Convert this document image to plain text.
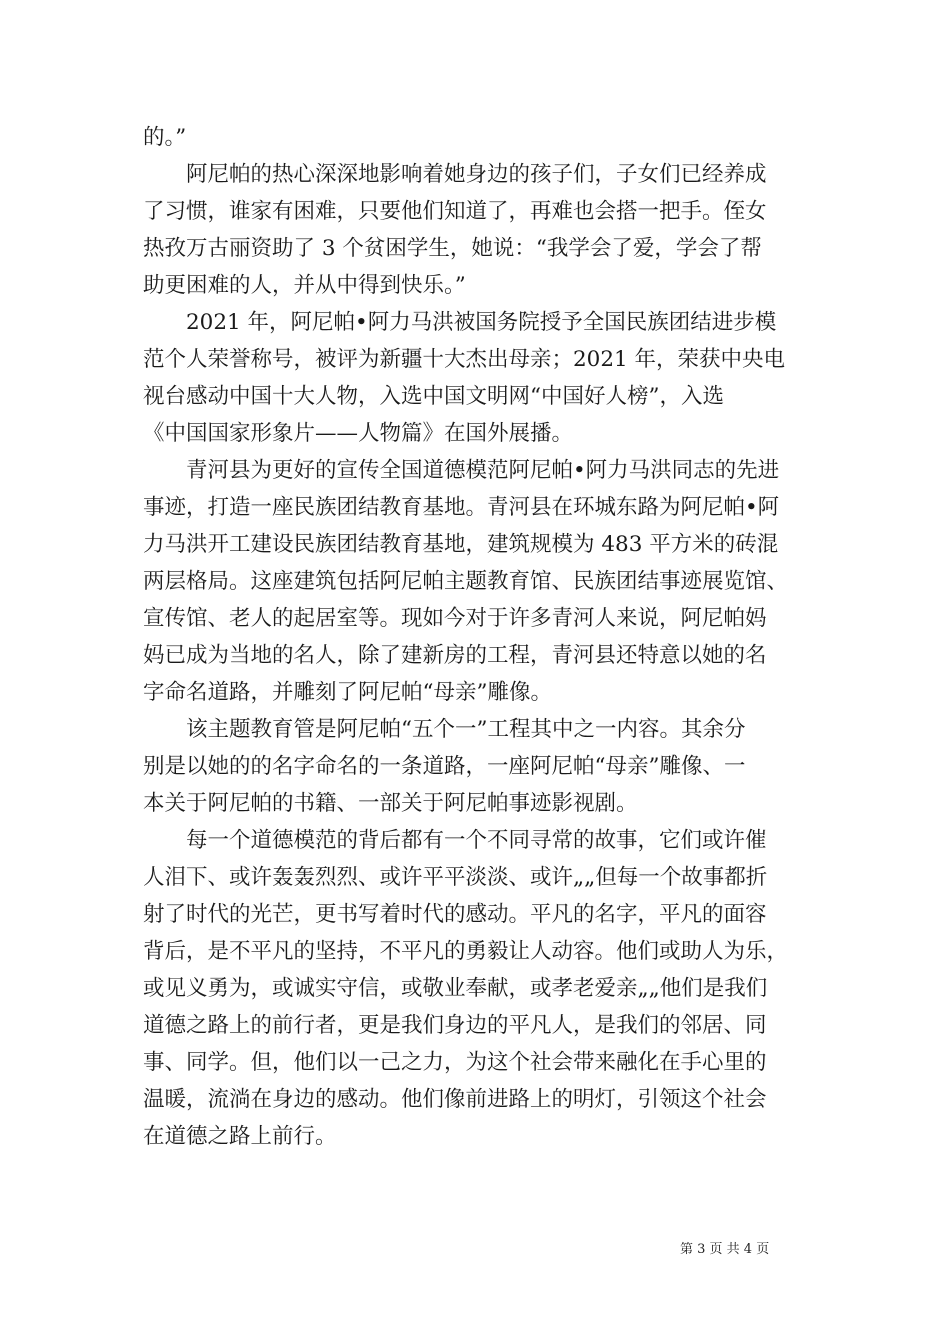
的。”
阿尼帕的热心深深地影响着她身边的孩子们，子女们已经养成
了习惯，谁家有困难，只要他们知道了，再难也会搭一把手。侄女
热孜万古丽资助了 3 个贫困学生，她说：“我学会了爱，学会了帮
助更困难的人，并从中得到快乐。”
2021 年，阿尼帕•阿力马洪被国务院授予全国民族团结进步模
范个人荣誉称号，被评为新疆十大杰出母亲；2021 年，荣获中央电
视台感动中国十大人物，入选中国文明网“中国好人榜”，入选
《中国国家形象片——人物篇》在国外展播。
青河县为更好的宣传全国道德模范阿尼帕•阿力马洪同志的先进
事迹，打造一座民族团结教育基地。青河县在环城东路为阿尼帕•阿
力马洪开工建设民族团结教育基地，建筑规模为 483 平方米的砖混
两层格局。这座建筑包括阿尼帕主题教育馆、民族团结事迹展览馆、
宣传馆、老人的起居室等。现如今对于许多青河人来说，阿尼帕妈
妈已成为当地的名人，除了建新房的工程，青河县还特意以她的名
字命名道路，并雕刻了阿尼帕“母亲”雕像。
该主题教育管是阿尼帕“五个一”工程其中之一内容。其余分
别是以她的的名字命名的一条道路，一座阿尼帕“母亲”雕像、一
本关于阿尼帕的书籍、一部关于阿尼帕事迹影视剧。
每一个道德模范的背后都有一个不同寻常的故事，它们或许催
人泪下、或许轰轰烈烈、或许平平淡淡、或许„„但每一个故事都折
射了时代的光芒，更书写着时代的感动。平凡的名字，平凡的面容
背后，是不平凡的坚持，不平凡的勇毅让人动容。他们或助人为乐，
或见义勇为，或诚实守信，或敬业奉献，或孝老爱亲„„他们是我们
道德之路上的前行者，更是我们身边的平凡人，是我们的邻居、同
事、同学。但，他们以一己之力，为这个社会带来融化在手心里的
温暖，流淌在身边的感动。他们像前进路上的明灯，引领这个社会
在道德之路上前行。
第 3 页 共 4 页
